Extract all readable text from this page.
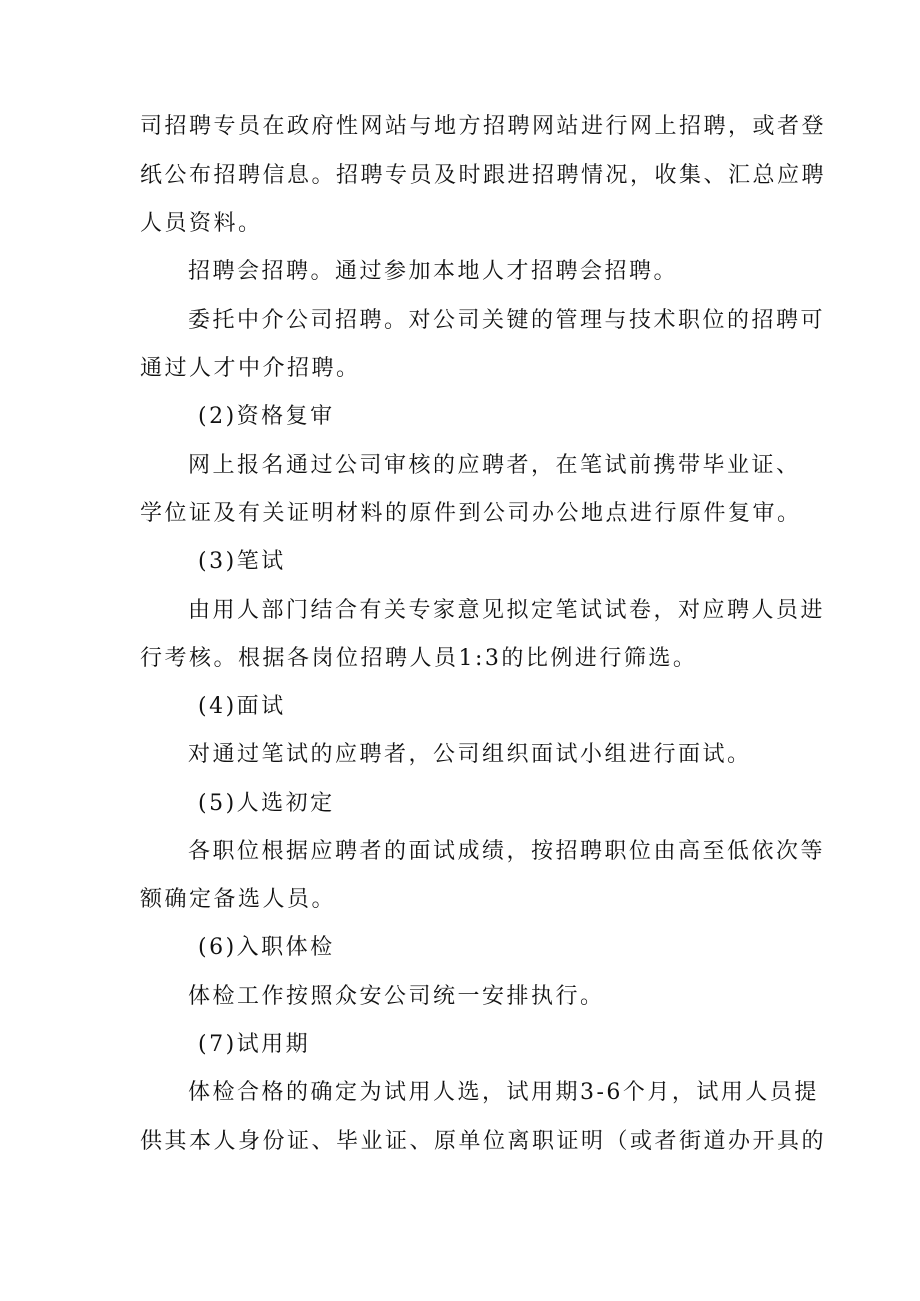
司招聘专员在政府性网站与地方招聘网站进行网上招聘，或者登
纸公布招聘信息。招聘专员及时跟进招聘情况，收集、汇总应聘
人员资料。
招聘会招聘。通过参加本地人才招聘会招聘。
委托中介公司招聘。对公司关键的管理与技术职位的招聘可
通过人才中介招聘。
(2)资格复审
网上报名通过公司审核的应聘者，在笔试前携带毕业证、
学位证及有关证明材料的原件到公司办公地点进行原件复审。
(3)笔试
由用人部门结合有关专家意见拟定笔试试卷，对应聘人员进
行考核。根据各岗位招聘人员1:3的比例进行筛选。
(4)面试
对通过笔试的应聘者，公司组织面试小组进行面试。
(5)人选初定
各职位根据应聘者的面试成绩，按招聘职位由高至低依次等
额确定备选人员。
(6)入职体检
体检工作按照众安公司统一安排执行。
(7)试用期
体检合格的确定为试用人选，试用期3-6个月，试用人员提
供其本人身份证、毕业证、原单位离职证明（或者街道办开具的
